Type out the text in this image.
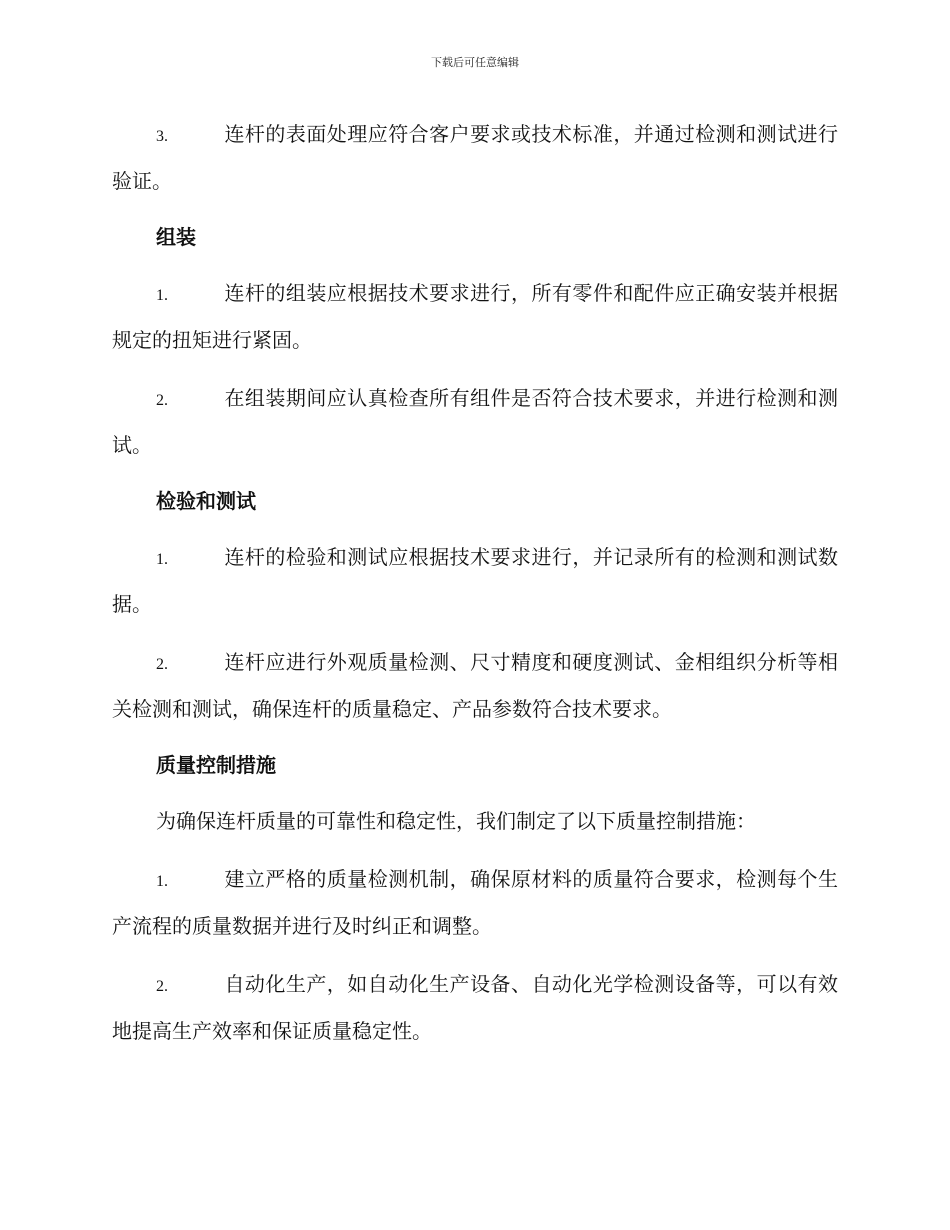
下载后可任意编辑

3.	连杆的表面处理应符合客户要求或技术标准，并通过检测和测试进行验证。

组装

1.	连杆的组装应根据技术要求进行，所有零件和配件应正确安装并根据规定的扭矩进行紧固。

2.	在组装期间应认真检查所有组件是否符合技术要求，并进行检测和测试。

检验和测试

1.	连杆的检验和测试应根据技术要求进行，并记录所有的检测和测试数据。

2.	连杆应进行外观质量检测、尺寸精度和硬度测试、金相组织分析等相关检测和测试，确保连杆的质量稳定、产品参数符合技术要求。

质量控制措施

为确保连杆质量的可靠性和稳定性，我们制定了以下质量控制措施：

1.	建立严格的质量检测机制，确保原材料的质量符合要求，检测每个生产流程的质量数据并进行及时纠正和调整。

2.	自动化生产，如自动化生产设备、自动化光学检测设备等，可以有效地提高生产效率和保证质量稳定性。
